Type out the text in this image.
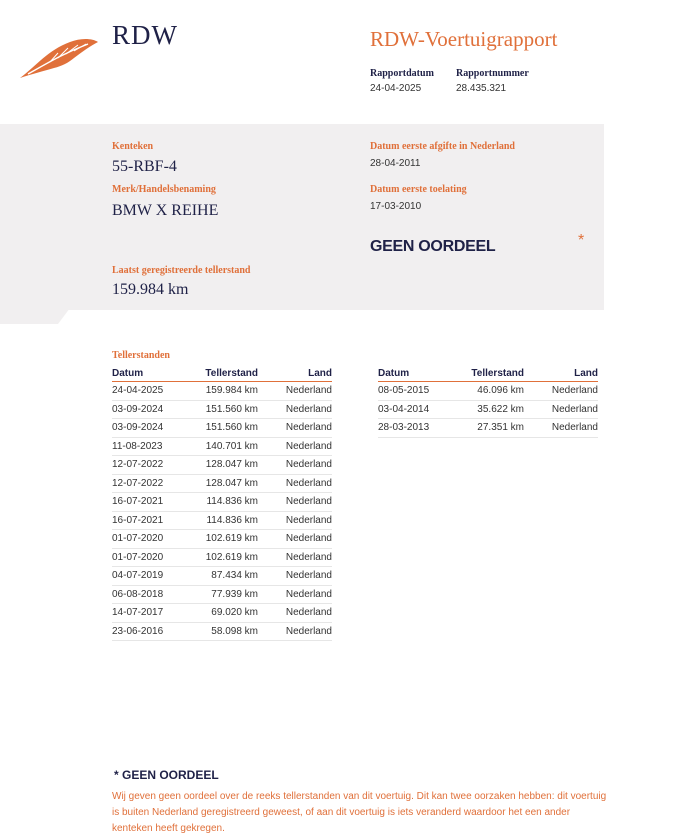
RDW	RDW-Voertuigrapport
Rapportdatum
24-04-2025
Rapportnummer
28.435.321
Kenteken
55-RBF-4
Merk/Handelsbenaming
BMW X REIHE
Laatst geregistreerde tellerstand
159.984 km
Datum eerste afgifte in Nederland
28-04-2011
Datum eerste toelating
17-03-2010
GEEN OORDEEL	*
Tellerstanden
Datum	Tellerstand	Land
24-04-2025	159.984 km	Nederland
03-09-2024	151.560 km	Nederland
03-09-2024	151.560 km	Nederland
11-08-2023	140.701 km	Nederland
12-07-2022	128.047 km	Nederland
12-07-2022	128.047 km	Nederland
16-07-2021	114.836 km	Nederland
16-07-2021	114.836 km	Nederland
01-07-2020	102.619 km	Nederland
01-07-2020	102.619 km	Nederland
04-07-2019	87.434 km	Nederland
06-08-2018	77.939 km	Nederland
14-07-2017	69.020 km	Nederland
23-06-2016	58.098 km	Nederland
Datum	Tellerstand	Land
08-05-2015	46.096 km	Nederland
03-04-2014	35.622 km	Nederland
28-03-2013	27.351 km	Nederland
* GEEN OORDEEL
Wij geven geen oordeel over de reeks tellerstanden van dit voertuig. Dit kan twee oorzaken hebben: dit voertuig is buiten Nederland geregistreerd geweest, of aan dit voertuig is iets veranderd waardoor het een ander kenteken heeft gekregen.
